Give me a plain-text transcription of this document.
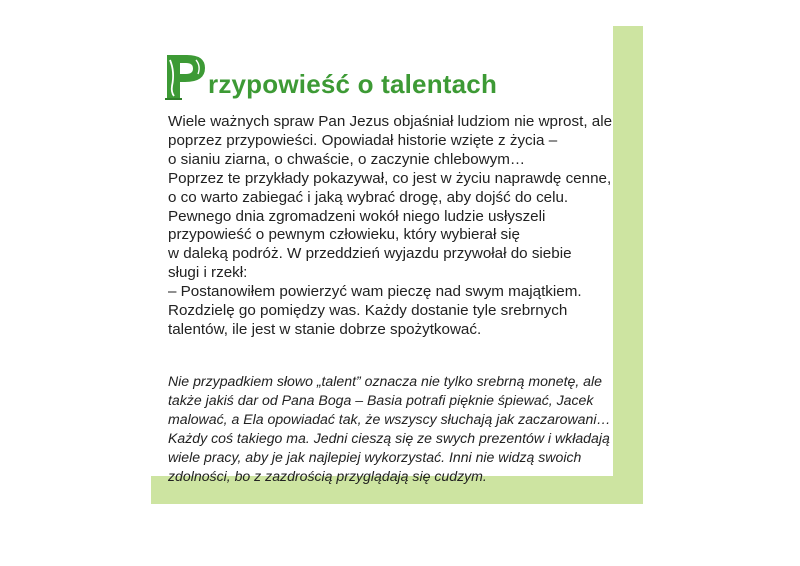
rzypowieść o talentach
Wiele ważnych spraw Pan Jezus objaśniał ludziom nie wprost, ale
poprzez przypowieści. Opowiadał historie wzięte z życia –
o sianiu ziarna, o chwaście, o zaczynie chlebowym…
Poprzez te przykłady pokazywał, co jest w życiu naprawdę cenne,
o co warto zabiegać i jaką wybrać drogę, aby dojść do celu.
Pewnego dnia zgromadzeni wokół niego ludzie usłyszeli
przypowieść o pewnym człowieku, który wybierał się
w daleką podróż. W przeddzień wyjazdu przywołał do siebie
sługi i rzekł:
– Postanowiłem powierzyć wam pieczę nad swym majątkiem.
Rozdzielę go pomiędzy was. Każdy dostanie tyle srebrnych
talentów, ile jest w stanie dobrze spożytkować.
Nie przypadkiem słowo „talent” oznacza nie tylko srebrną monetę, ale
także jakiś dar od Pana Boga – Basia potrafi pięknie śpiewać, Jacek
malować, a Ela opowiadać tak, że wszyscy słuchają jak zaczarowani…
Każdy coś takiego ma. Jedni cieszą się ze swych prezentów i wkładają
wiele pracy, aby je jak najlepiej wykorzystać. Inni nie widzą swoich
zdolności, bo z zazdrością przyglądają się cudzym.
